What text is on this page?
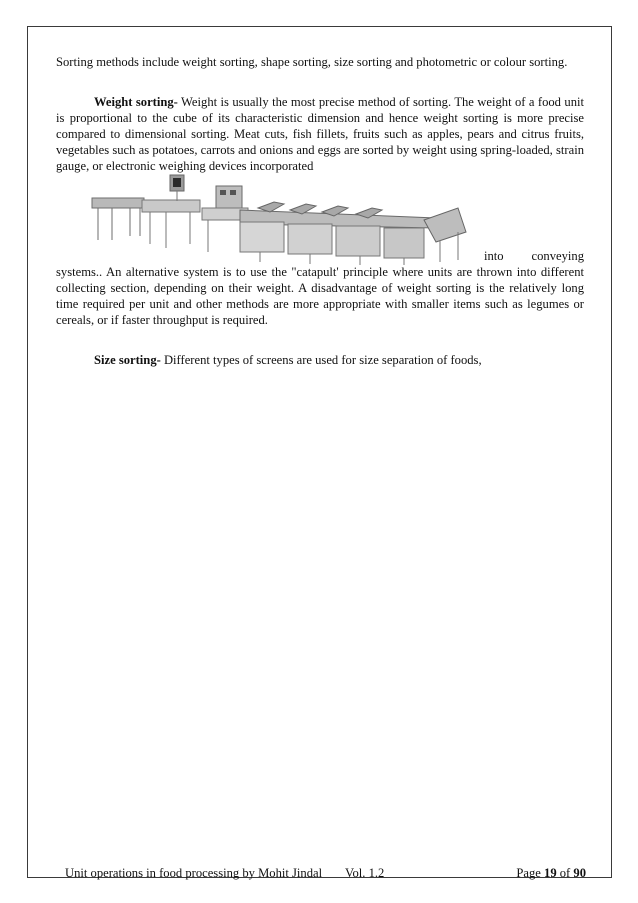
Sorting methods include weight sorting, shape sorting, size sorting and photometric or colour sorting.

Weight sorting- Weight is usually the most precise method of sorting. The weight of a food unit is proportional to the cube of its characteristic dimension and hence weight sorting is more precise compared to dimensional sorting. Meat cuts, fish fillets, fruits such as apples, pears and citrus fruits, vegetables such as potatoes, carrots and onions and eggs are sorted by weight using spring-loaded, strain gauge, or electronic weighing devices incorporated

into conveying

systems.. An alternative system is to use the "catapult' principle where units are thrown into different collecting section, depending on their weight. A disadvantage of weight sorting is the relatively long time required per unit and other methods are more appropriate with smaller items such as legumes or cereals, or if faster throughput is required.

Size sorting- Different types of screens are used for size separation of foods,

Unit operations in food processing by Mohit Jindal Vol. 1.2	Page 19 of 90
